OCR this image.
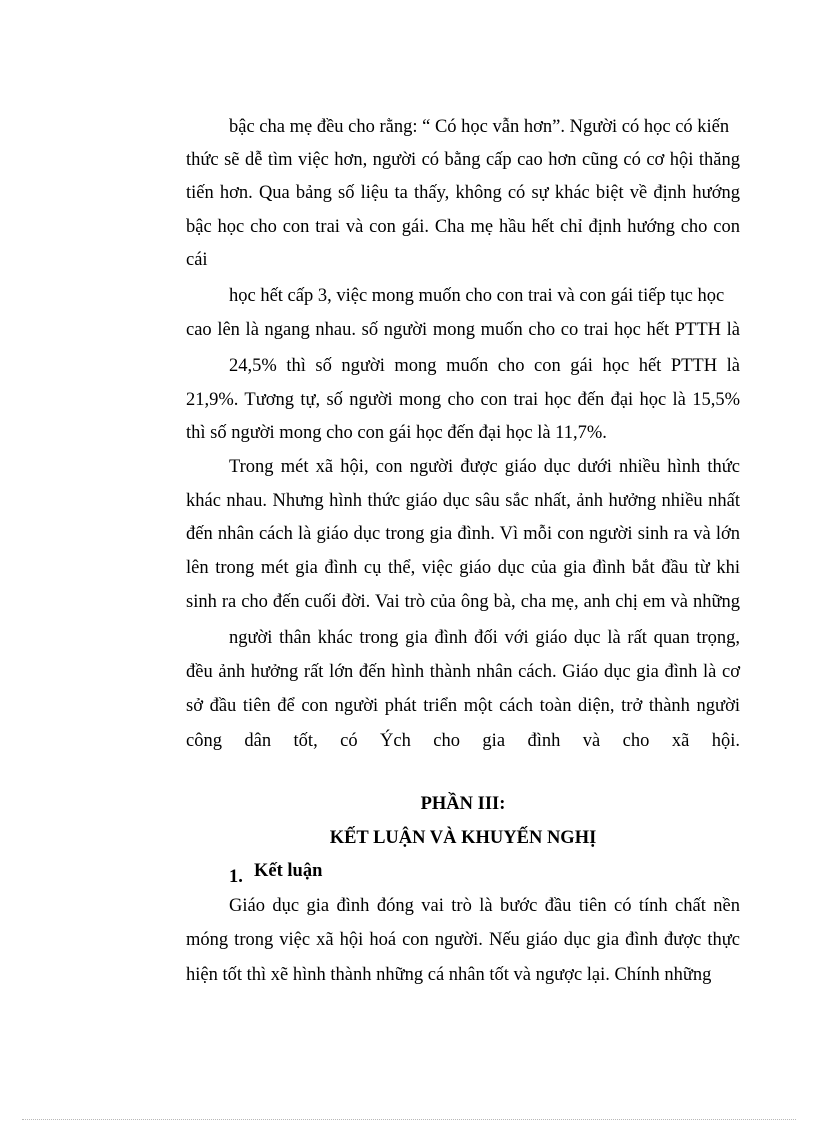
bậc cha mẹ đều cho rằng: “ Có học vẫn hơn”. Người có học có kiến
thức sẽ dễ tìm việc hơn, người có bằng cấp cao hơn cũng có cơ hội thăng
tiến hơn. Qua bảng số liệu ta thấy, không có sự khác biệt về định hướng
bậc học cho con trai và con gái. Cha mẹ hầu hết chỉ định hướng cho con
cái
học hết cấp 3, việc mong muốn cho con trai và con gái tiếp tục học
cao lên là ngang nhau. số người mong muốn cho co trai học hết PTTH là
24,5% thì số người mong muốn cho con gái học hết PTTH là
21,9%. Tương tự, số người mong cho con trai học đến đại học là 15,5%
thì số người mong cho con gái học đến đại học là 11,7%.
Trong mét xã hội, con người được giáo dục dưới nhiều hình thức
khác nhau. Nhưng hình thức giáo dục sâu sắc nhất, ảnh hưởng nhiều nhất
đến nhân cách là giáo dục trong gia đình. Vì mỗi con người sinh ra và lớn
lên trong mét gia đình cụ thể, việc giáo dục của gia đình bắt đầu từ khi
sinh ra cho đến cuối đời. Vai trò của ông bà, cha mẹ, anh chị em và những
người thân khác trong gia đình đối với giáo dục là rất quan trọng,
đều ảnh hưởng rất lớn đến hình thành nhân cách. Giáo dục gia đình là cơ
sở đầu tiên để con người phát triển một cách toàn diện, trở thành người
công dân tốt, có Ých cho gia đình và cho xã hội.
PHẦN III:
KẾT LUẬN VÀ KHUYẾN NGHỊ
1. Kết luận
Giáo dục gia đình đóng vai trò là bước đầu tiên có tính chất nền
móng trong việc xã hội hoá con người. Nếu giáo dục gia đình được thực
hiện tốt thì xẽ hình thành những cá nhân tốt và ngược lại. Chính những
